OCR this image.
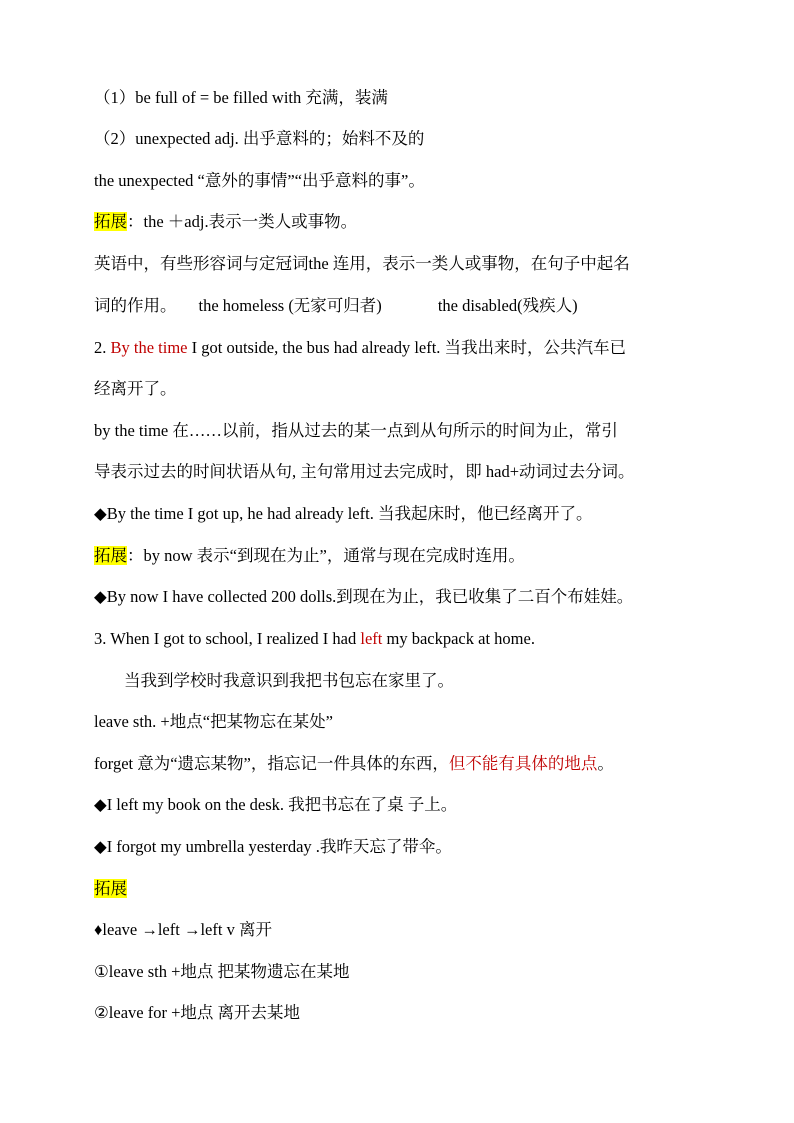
（1）be full of = be filled with 充满，装满
（2）unexpected adj. 出乎意料的；始料不及的
the unexpected “意外的事情”“出乎意料的事”。
拓展：the ＋adj.表示一类人或事物。
英语中，有些形容词与定冠词the 连用，表示一类人或事物，在句子中起名
词的作用。 the homeless (无家可归者)	the disabled(残疾人)
2. By the time I got outside, the bus had already left. 当我出来时，公共汽车已
经离开了。
by the time 在……以前，指从过去的某一点到从句所示的时间为止，常引
导表示过去的时间状语从句, 主句常用过去完成时，即 had+动词过去分词。
◆By the time I got up, he had already left. 当我起床时，他已经离开了。
拓展：by now 表示“到现在为止”，通常与现在完成时连用。
◆By now I have collected 200 dolls.到现在为止，我已收集了二百个布娃娃。
3. When I got to school, I realized I had left my backpack at home.
当我到学校时我意识到我把书包忘在家里了。
leave sth. +地点“把某物忘在某处”
forget 意为“遗忘某物”，指忘记一件具体的东西，但不能有具体的地点。
◆I left my book on the desk. 我把书忘在了桌 子上。
◆I forgot my umbrella yesterday .我昨天忘了带伞。
拓展
♦leave →left →left v 离开
①leave sth +地点 把某物遗忘在某地
②leave for +地点 离开去某地
